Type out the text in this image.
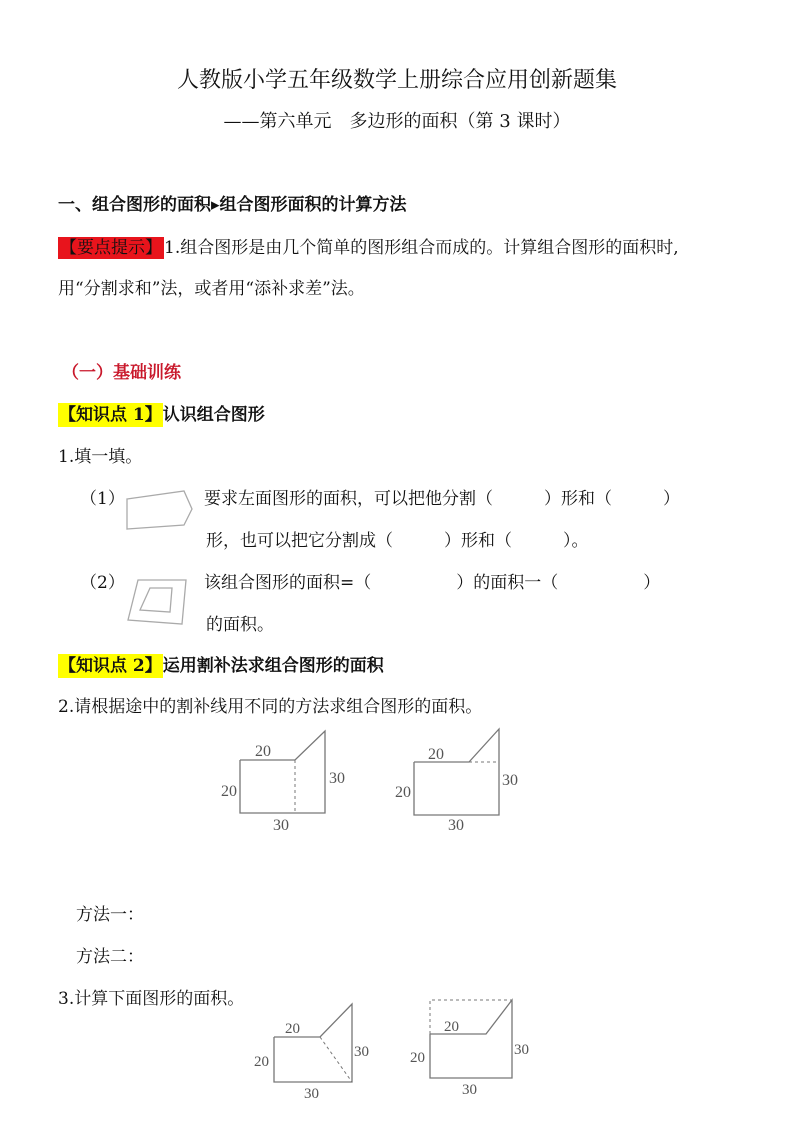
人教版小学五年级数学上册综合应用创新题集
——第六单元　多边形的面积（第 3 课时）
一、组合图形的面积▸组合图形面积的计算方法
【要点提示】 1.组合图形是由几个简单的图形组合而成的。计算组合图形的面积时,
用“分割求和”法，或者用“添补求差”法。
（一）基础训练
【知识点 1】认识组合图形
1.填一填。
（1）	要求左面图形的面积，可以把他分割（　　　）形和（　　　）
形，也可以把它分割成（　　　）形和（　　　）。
（2）	该组合图形的面积=（　　　　　）的面积一（　　　　　）
的面积。
【知识点 2】运用割补法求组合图形的面积
2.请根据途中的割补线用不同的方法求组合图形的面积。
20
20
30
30
20
20
30
30
方法一：
方法二：
3.计算下面图形的面积。
20
20
30
30
20
20	30
30
